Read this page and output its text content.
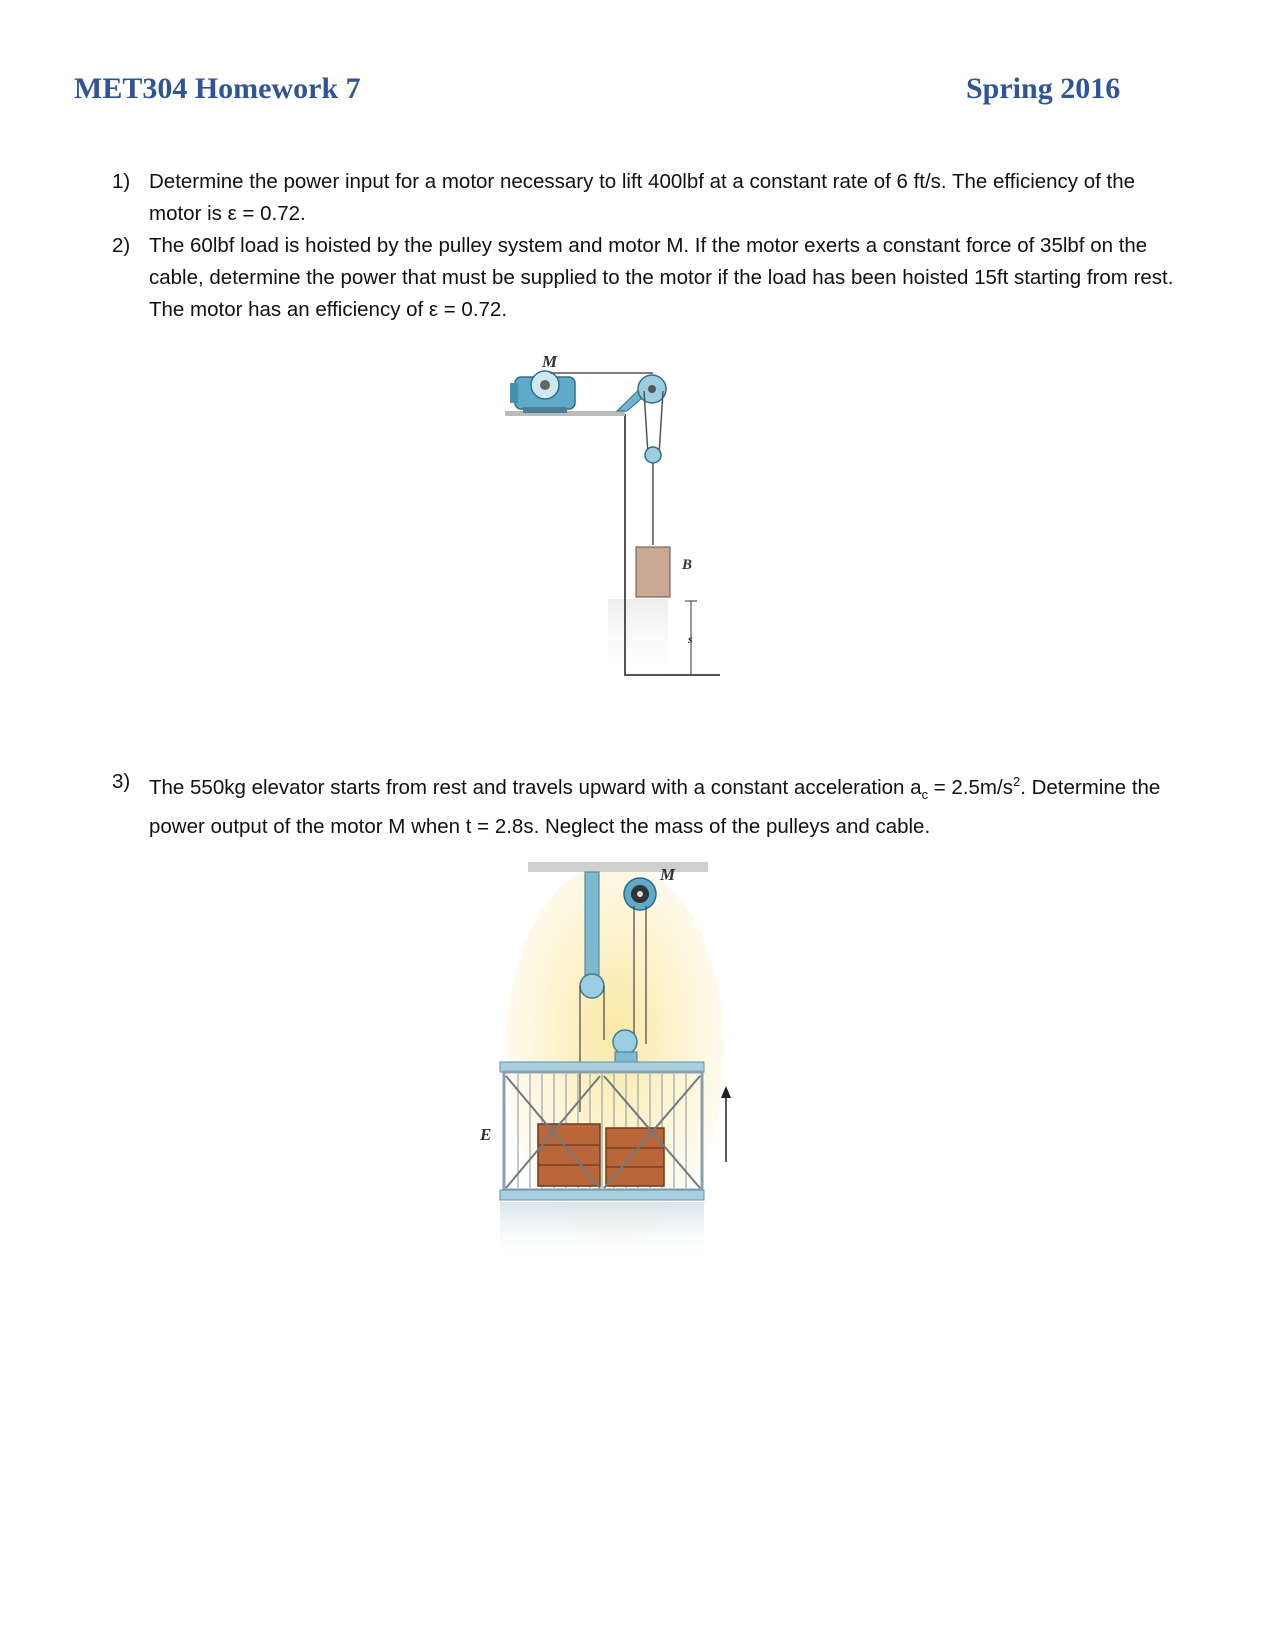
MET304 Homework 7	Spring 2016
1) Determine the power input for a motor necessary to lift 400lbf at a constant rate of 6 ft/s. The efficiency of the motor is ε = 0.72.
2) The 60lbf load is hoisted by the pulley system and motor M. If the motor exerts a constant force of 35lbf on the cable, determine the power that must be supplied to the motor if the load has been hoisted 15ft starting from rest. The motor has an efficiency of ε = 0.72.
M
B
s
3) The 550kg elevator starts from rest and travels upward with a constant acceleration $a_c = 2.5m/s^2$. Determine the power output of the motor M when t = 2.8s. Neglect the mass of the pulleys and cable.
M
E
